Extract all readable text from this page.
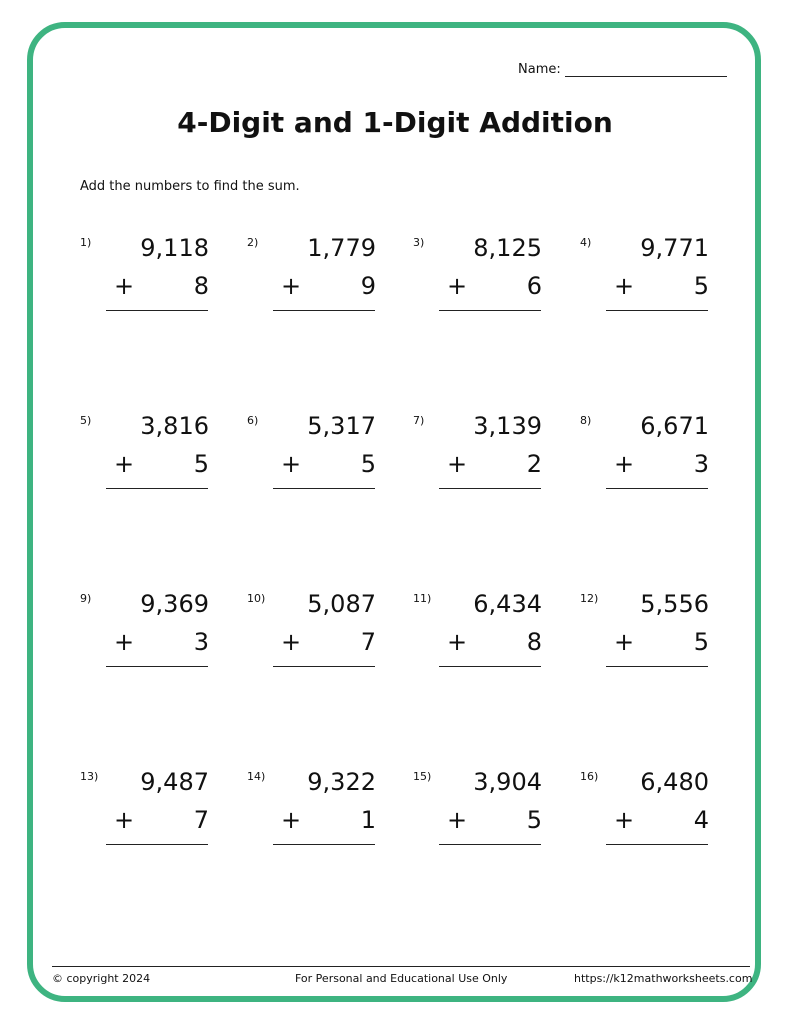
Name:
4-Digit and 1-Digit Addition
Add the numbers to find the sum.
1) 9,118
+ 8
2) 1,779
+ 9
3) 8,125
+ 6
4) 9,771
+ 5
5) 3,816
+ 5
6) 5,317
+ 5
7) 3,139
+ 2
8) 6,671
+ 3
9) 9,369
+ 3
10) 5,087
+ 7
11) 6,434
+ 8
12) 5,556
+ 5
13) 9,487
+ 7
14) 9,322
+ 1
15) 3,904
+ 5
16) 6,480
+ 4
© copyright 2024	For Personal and Educational Use Only	https://k12mathworksheets.com
